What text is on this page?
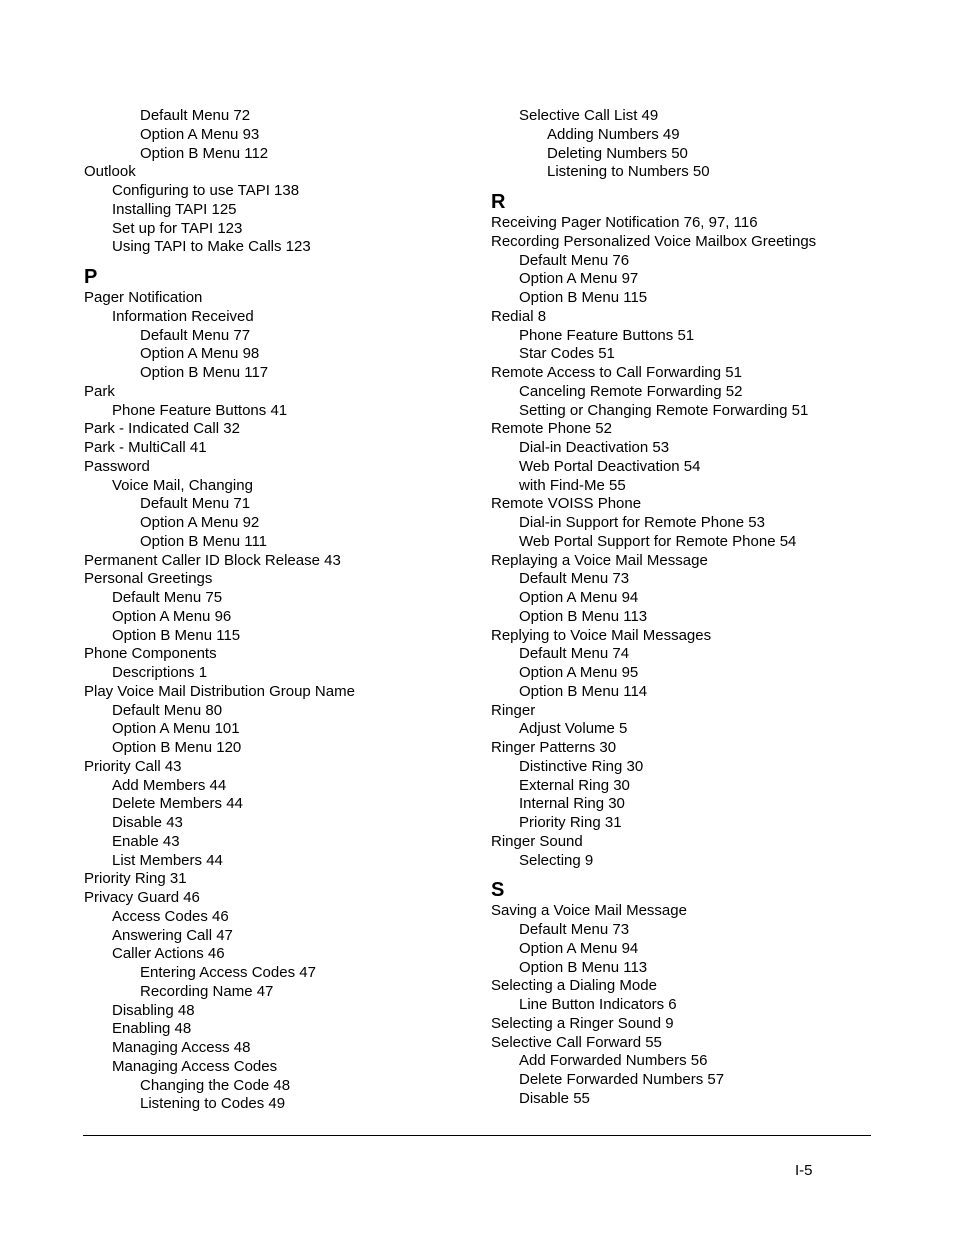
Default Menu 72
Option A Menu 93
Option B Menu 112
Outlook
Configuring to use TAPI 138
Installing TAPI 125
Set up for TAPI 123
Using TAPI to Make Calls 123
P
Pager Notification
Information Received
Default Menu 77
Option A Menu 98
Option B Menu 117
Park
Phone Feature Buttons 41
Park - Indicated Call 32
Park - MultiCall 41
Password
Voice Mail, Changing
Default Menu 71
Option A Menu 92
Option B Menu 111
Permanent Caller ID Block Release 43
Personal Greetings
Default Menu 75
Option A Menu 96
Option B Menu 115
Phone Components
Descriptions 1
Play Voice Mail Distribution Group Name
Default Menu 80
Option A Menu 101
Option B Menu 120
Priority Call 43
Add Members 44
Delete Members 44
Disable 43
Enable 43
List Members 44
Priority Ring 31
Privacy Guard 46
Access Codes 46
Answering Call 47
Caller Actions 46
Entering Access Codes 47
Recording Name 47
Disabling 48
Enabling 48
Managing Access 48
Managing Access Codes
Changing the Code 48
Listening to Codes 49
Selective Call List 49
Adding Numbers 49
Deleting Numbers 50
Listening to Numbers 50
R
Receiving Pager Notification 76, 97, 116
Recording Personalized Voice Mailbox Greetings
Default Menu 76
Option A Menu 97
Option B Menu 115
Redial 8
Phone Feature Buttons 51
Star Codes 51
Remote Access to Call Forwarding 51
Canceling Remote Forwarding 52
Setting or Changing Remote Forwarding 51
Remote Phone 52
Dial-in Deactivation 53
Web Portal Deactivation 54
with Find-Me 55
Remote VOISS Phone
Dial-in Support for Remote Phone 53
Web Portal Support for Remote Phone 54
Replaying a Voice Mail Message
Default Menu 73
Option A Menu 94
Option B Menu 113
Replying to Voice Mail Messages
Default Menu 74
Option A Menu 95
Option B Menu 114
Ringer
Adjust Volume 5
Ringer Patterns 30
Distinctive Ring 30
External Ring 30
Internal Ring 30
Priority Ring 31
Ringer Sound
Selecting 9
S
Saving a Voice Mail Message
Default Menu 73
Option A Menu 94
Option B Menu 113
Selecting a Dialing Mode
Line Button Indicators 6
Selecting a Ringer Sound 9
Selective Call Forward 55
Add Forwarded Numbers 56
Delete Forwarded Numbers 57
Disable 55
I-5
